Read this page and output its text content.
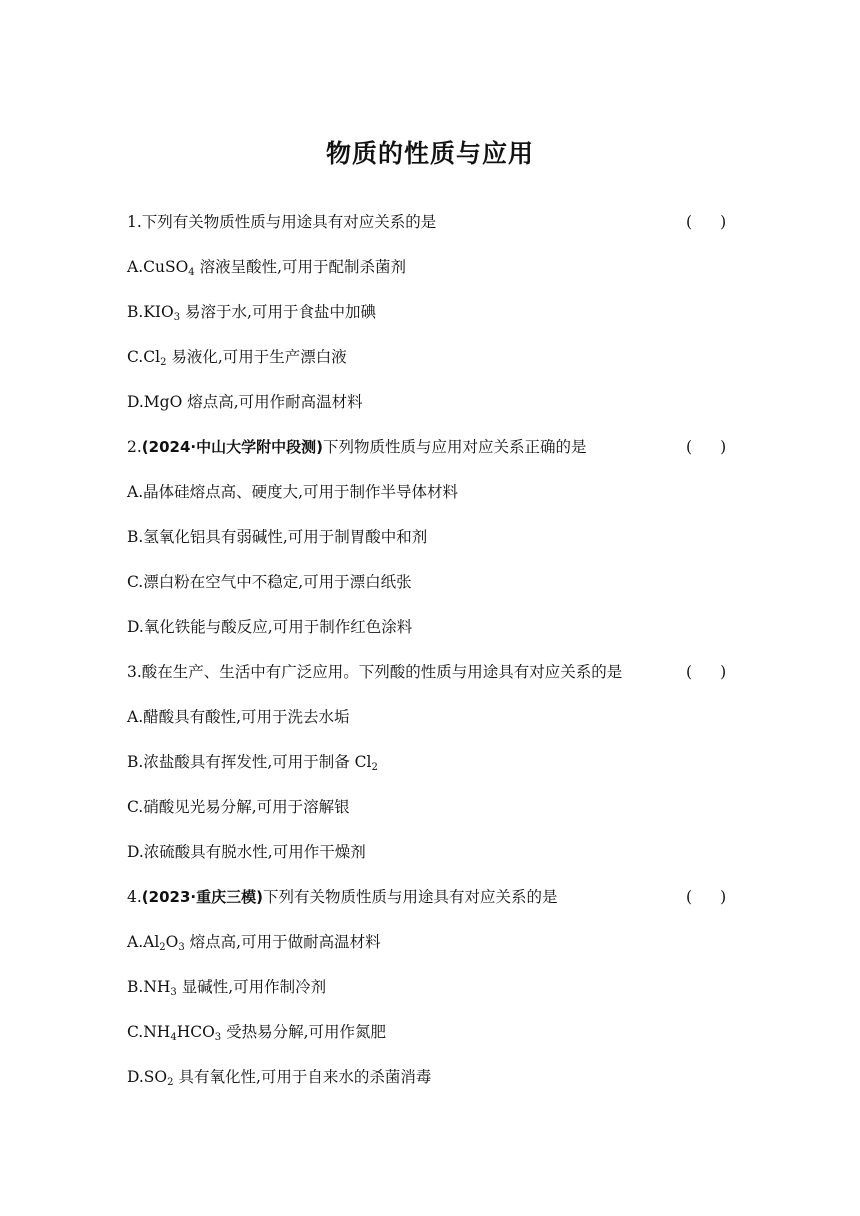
物质的性质与应用
1.下列有关物质性质与用途具有对应关系的是	( )
A.CuSO$_4$ 溶液呈酸性,可用于配制杀菌剂
$B.KIO_3$ 易溶于水,可用于食盐中加碘
$C.Cl_2$ 易液化,可用于生产漂白液
D.MgO 熔点高,可用作耐高温材料
2.(2024·中山大学附中段测)下列物质性质与应用对应关系正确的是	( )
A.晶体硅熔点高、硬度大,可用于制作半导体材料
B.氢氧化铝具有弱碱性,可用于制胃酸中和剂
C.漂白粉在空气中不稳定,可用于漂白纸张
D.氧化铁能与酸反应,可用于制作红色涂料
3.酸在生产、生活中有广泛应用。下列酸的性质与用途具有对应关系的是	( )
A.醋酸具有酸性,可用于洗去水垢
B.浓盐酸具有挥发性,可用于制备 $Cl_2$
C.硝酸见光易分解,可用于溶解银
D.浓硫酸具有脱水性,可用作干燥剂
4.(2023·重庆三模)下列有关物质性质与用途具有对应关系的是	( )
$A.Al_2O_3$ 熔点高,可用于做耐高温材料
$B.NH_3$ 显碱性,可用作制冷剂
$C.NH_4HCO_3$ 受热易分解,可用作氮肥
$D.SO_2$ 具有氧化性,可用于自来水的杀菌消毒
